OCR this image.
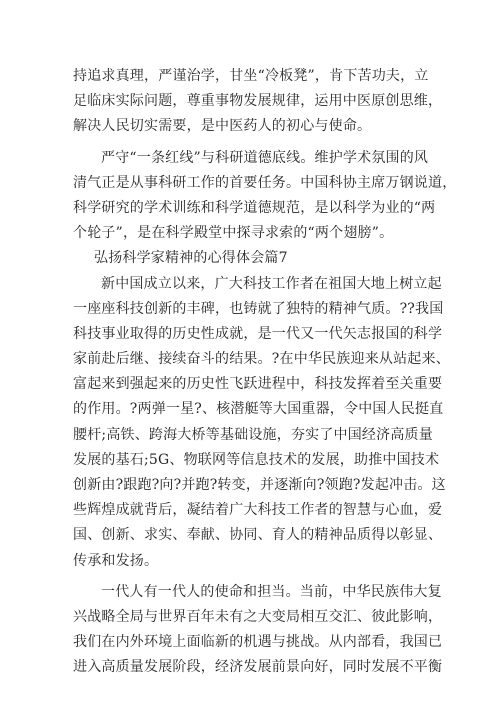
持追求真理，严谨治学，甘坐“冷板凳”，肯下苦功夫，立
足临床实际问题，尊重事物发展规律，运用中医原创思维，
解决人民切实需要，是中医药人的初心与使命。
严守“一条红线”与科研道德底线。维护学术氛围的风
清气正是从事科研工作的首要任务。中国科协主席万钢说道，
科学研究的学术训练和科学道德规范，是以科学为业的“两
个轮子”，是在科学殿堂中探寻求索的“两个翅膀”。
弘扬科学家精神的心得体会篇7
新中国成立以来，广大科技工作者在祖国大地上树立起
一座座科技创新的丰碑，也铸就了独特的精神气质。??我国
科技事业取得的历史性成就，是一代又一代矢志报国的科学
家前赴后继、接续奋斗的结果。?在中华民族迎来从站起来、
富起来到强起来的历史性飞跃进程中，科技发挥着至关重要
的作用。?两弹一星?、核潜艇等大国重器，令中国人民挺直
腰杆;高铁、跨海大桥等基础设施，夯实了中国经济高质量
发展的基石;5G、物联网等信息技术的发展，助推中国技术
创新由?跟跑?向?并跑?转变，并逐渐向?领跑?发起冲击。这
些辉煌成就背后，凝结着广大科技工作者的智慧与心血，爱
国、创新、求实、奉献、协同、育人的精神品质得以彰显、
传承和发扬。
一代人有一代人的使命和担当。当前，中华民族伟大复
兴战略全局与世界百年未有之大变局相互交汇、彼此影响，
我们在内外环境上面临新的机遇与挑战。从内部看，我国已
进入高质量发展阶段，经济发展前景向好，同时发展不平衡
